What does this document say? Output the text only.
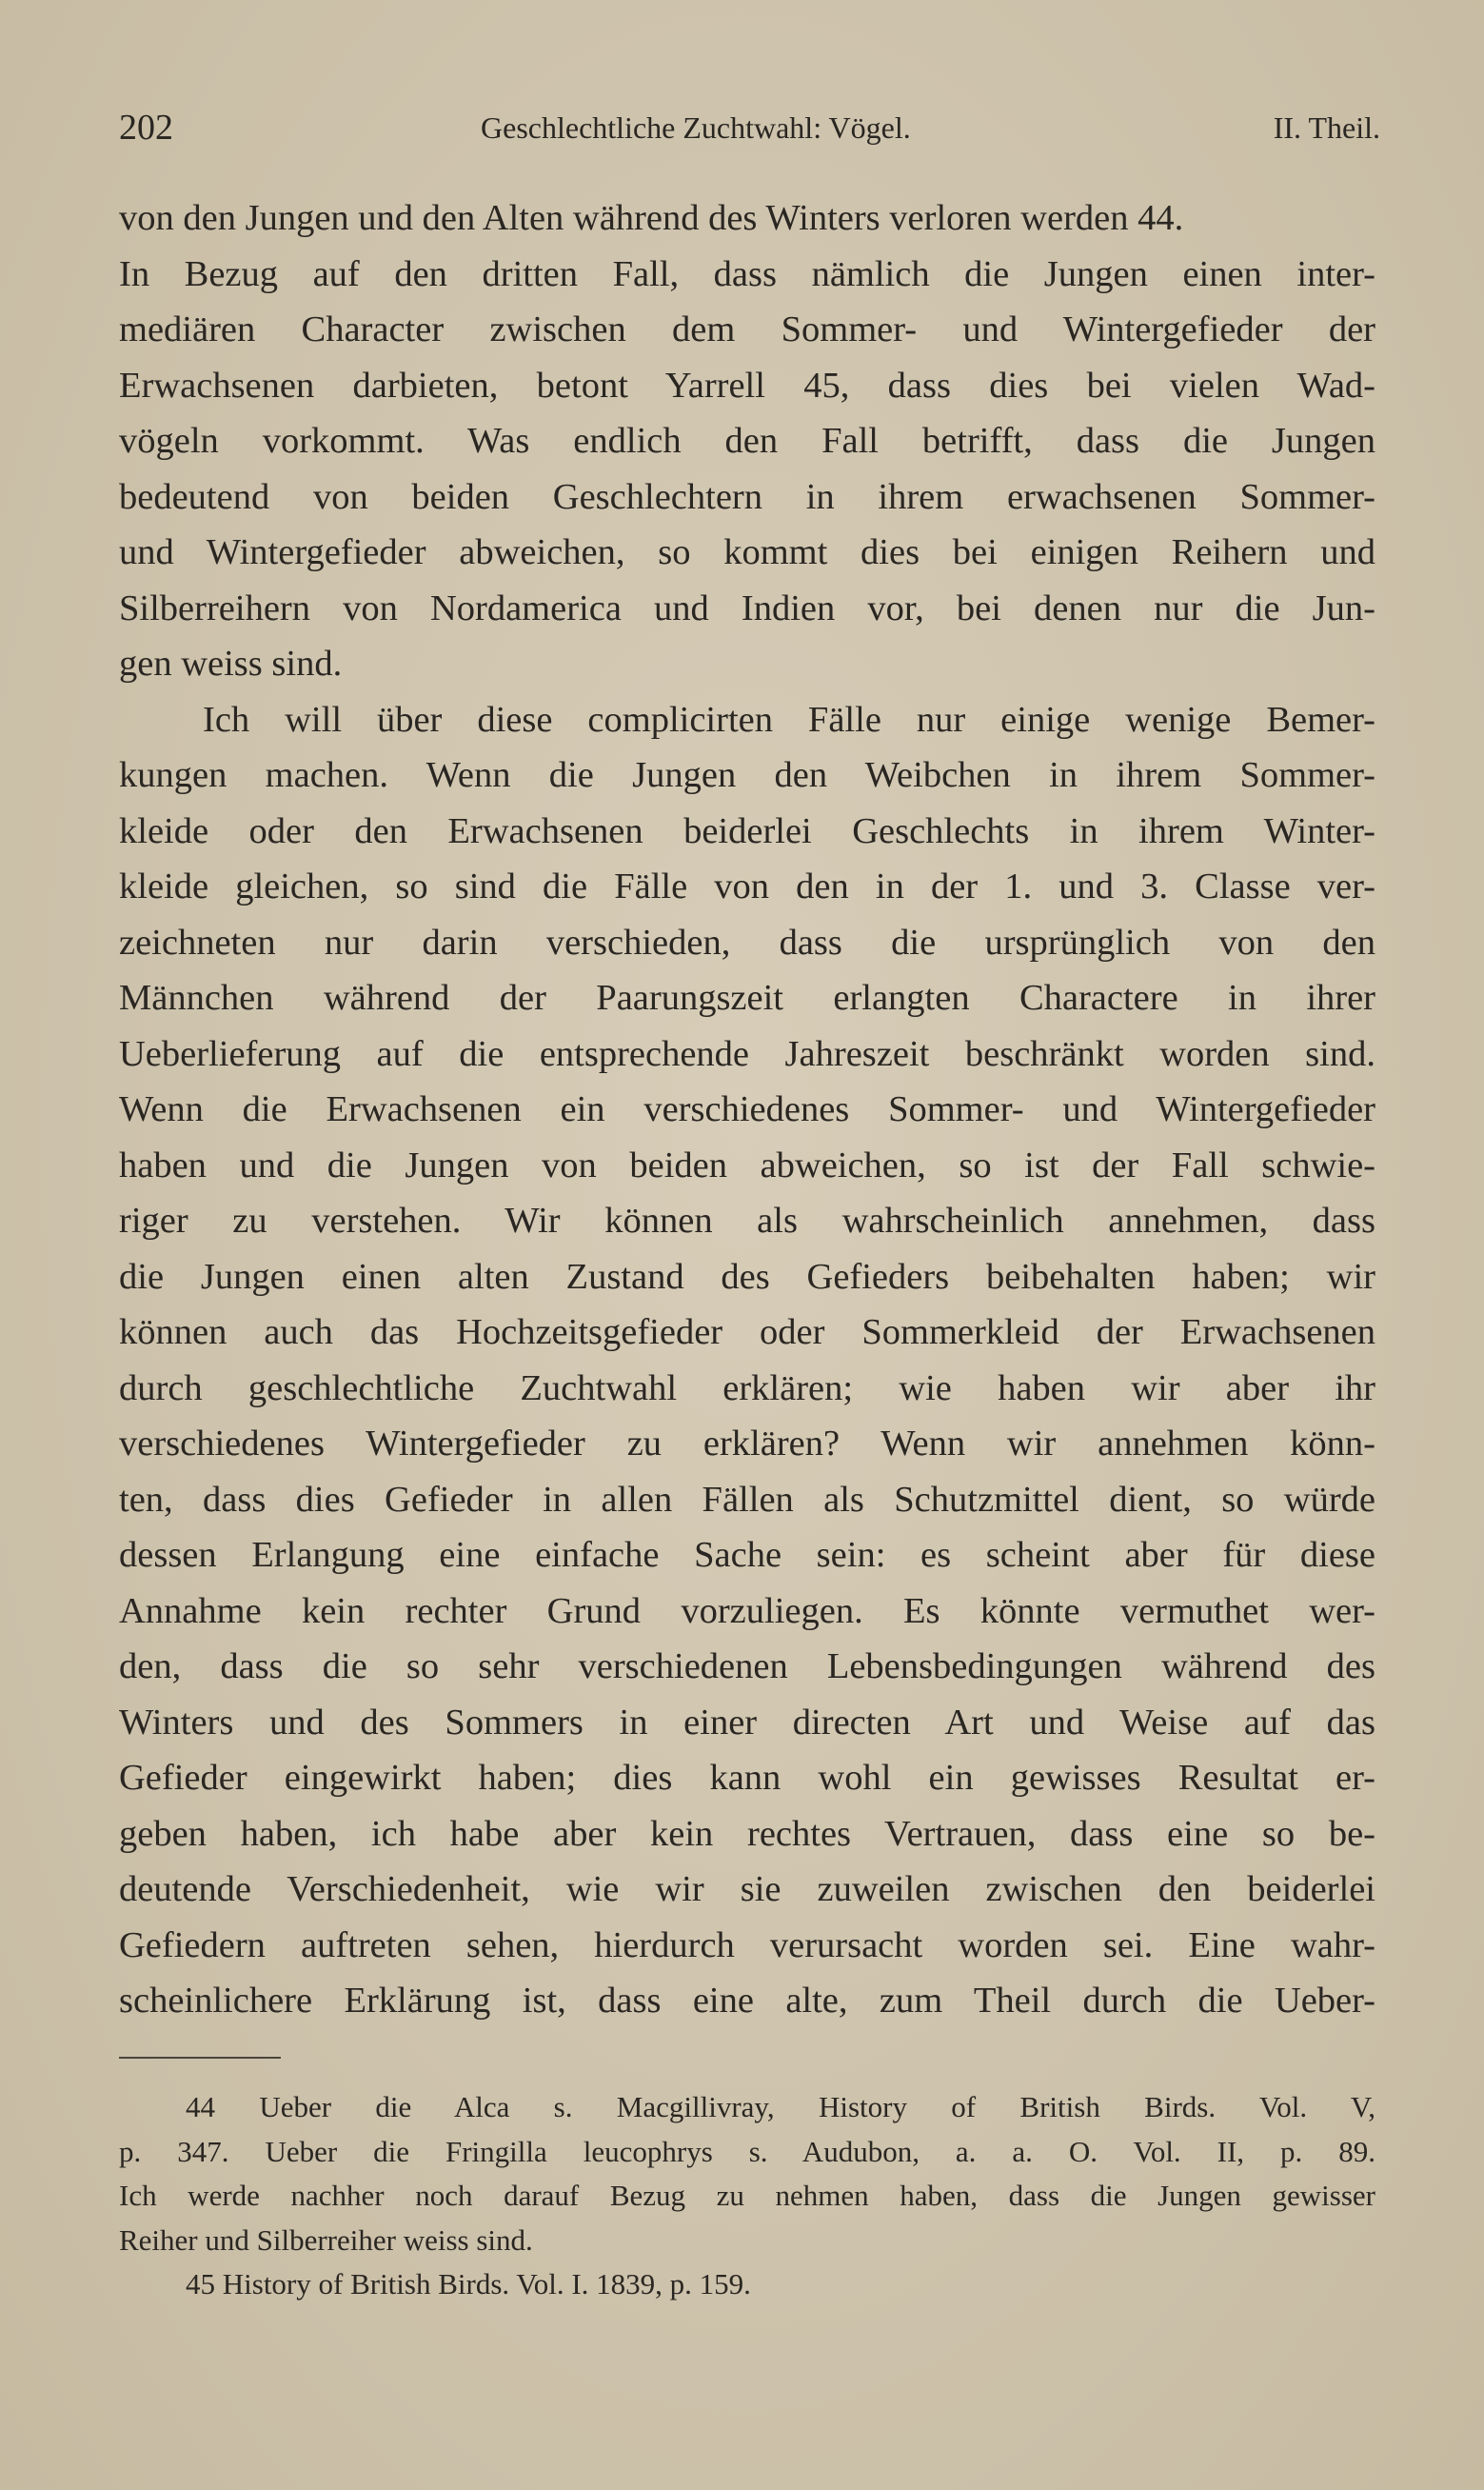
202	Geschlechtliche Zuchtwahl: Vögel.	II. Theil.
von den Jungen und den Alten während des Winters verloren werden 44.
In Bezug auf den dritten Fall, dass nämlich die Jungen einen inter-
mediären Character zwischen dem Sommer- und Wintergefieder der
Erwachsenen darbieten, betont Yarrell 45, dass dies bei vielen Wad-
vögeln vorkommt. Was endlich den Fall betrifft, dass die Jungen
bedeutend von beiden Geschlechtern in ihrem erwachsenen Sommer-
und Wintergefieder abweichen, so kommt dies bei einigen Reihern und
Silberreihern von Nordamerica und Indien vor, bei denen nur die Jun-
gen weiss sind.
Ich will über diese complicirten Fälle nur einige wenige Bemer-
kungen machen. Wenn die Jungen den Weibchen in ihrem Sommer-
kleide oder den Erwachsenen beiderlei Geschlechts in ihrem Winter-
kleide gleichen, so sind die Fälle von den in der 1. und 3. Classe ver-
zeichneten nur darin verschieden, dass die ursprünglich von den
Männchen während der Paarungszeit erlangten Charactere in ihrer
Ueberlieferung auf die entsprechende Jahreszeit beschränkt worden sind.
Wenn die Erwachsenen ein verschiedenes Sommer- und Wintergefieder
haben und die Jungen von beiden abweichen, so ist der Fall schwie-
riger zu verstehen. Wir können als wahrscheinlich annehmen, dass
die Jungen einen alten Zustand des Gefieders beibehalten haben; wir
können auch das Hochzeitsgefieder oder Sommerkleid der Erwachsenen
durch geschlechtliche Zuchtwahl erklären; wie haben wir aber ihr
verschiedenes Wintergefieder zu erklären? Wenn wir annehmen könn-
ten, dass dies Gefieder in allen Fällen als Schutzmittel dient, so würde
dessen Erlangung eine einfache Sache sein: es scheint aber für diese
Annahme kein rechter Grund vorzuliegen. Es könnte vermuthet wer-
den, dass die so sehr verschiedenen Lebensbedingungen während des
Winters und des Sommers in einer directen Art und Weise auf das
Gefieder eingewirkt haben; dies kann wohl ein gewisses Resultat er-
geben haben, ich habe aber kein rechtes Vertrauen, dass eine so be-
deutende Verschiedenheit, wie wir sie zuweilen zwischen den beiderlei
Gefiedern auftreten sehen, hierdurch verursacht worden sei. Eine wahr-
scheinlichere Erklärung ist, dass eine alte, zum Theil durch die Ueber-
44 Ueber die Alca s. Macgillivray, History of British Birds. Vol. V,
p. 347. Ueber die Fringilla leucophrys s. Audubon, a. a. O. Vol. II, p. 89.
Ich werde nachher noch darauf Bezug zu nehmen haben, dass die Jungen gewisser
Reiher und Silberreiher weiss sind.
45 History of British Birds. Vol. I. 1839, p. 159.
